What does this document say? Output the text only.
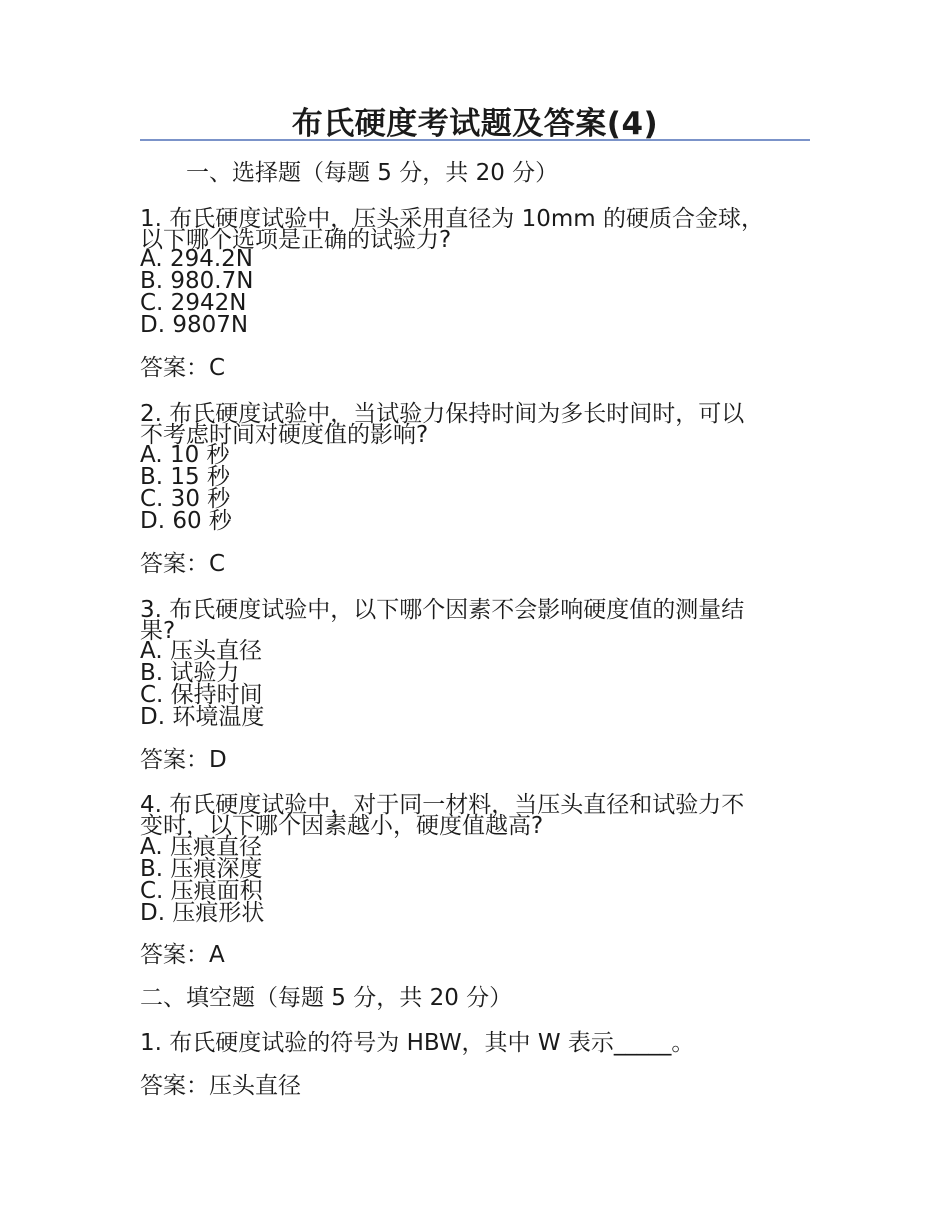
布氏硬度考试题及答案(4)
一、选择题（每题 5 分，共 20 分）
1. 布氏硬度试验中，压头采用直径为 10mm 的硬质合金球，
以下哪个选项是正确的试验力?
A. 294.2N
B. 980.7N
C. 2942N
D. 9807N
答案：C
2. 布氏硬度试验中，当试验力保持时间为多长时间时，可以
不考虑时间对硬度值的影响?
A. 10 秒
B. 15 秒
C. 30 秒
D. 60 秒
答案：C
3. 布氏硬度试验中，以下哪个因素不会影响硬度值的测量结
果?
A. 压头直径
B. 试验力
C. 保持时间
D. 环境温度
答案：D
4. 布氏硬度试验中，对于同一材料，当压头直径和试验力不
变时，以下哪个因素越小，硬度值越高?
A. 压痕直径
B. 压痕深度
C. 压痕面积
D. 压痕形状
答案：A
二、填空题（每题 5 分，共 20 分）
1. 布氏硬度试验的符号为 HBW，其中 W 表示_____。
答案：压头直径
